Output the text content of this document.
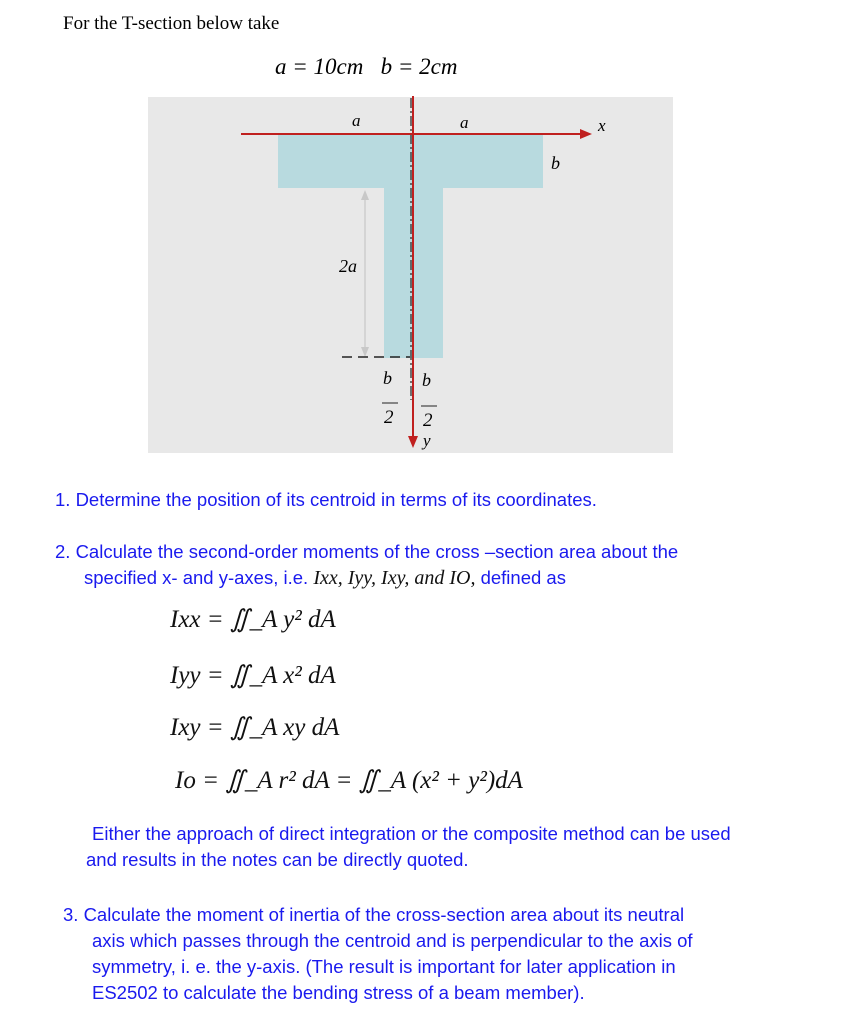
For the T-section below take
a = 10cm   b = 2cm
a	a	x
b
2a
b
2
b
2
y
1. Determine the position of its centroid in terms of its coordinates.
2. Calculate the second-order moments of the cross –section area about the
specified x- and y-axes, i.e. Ixx, Iyy, Ixy, and IO, defined as
Ixx = ∬_A y² dA
Iyy = ∬_A x² dA
Ixy = ∬_A xy dA
Io = ∬_A r² dA = ∬_A (x² + y²)dA
Either the approach of direct integration or the composite method can be used
and results in the notes can be directly quoted.
3. Calculate the moment of inertia of the cross-section area about its neutral
axis which passes through the centroid and is perpendicular to the axis of
symmetry, i. e. the y-axis. (The result is important for later application in
ES2502 to calculate the bending stress of a beam member).
